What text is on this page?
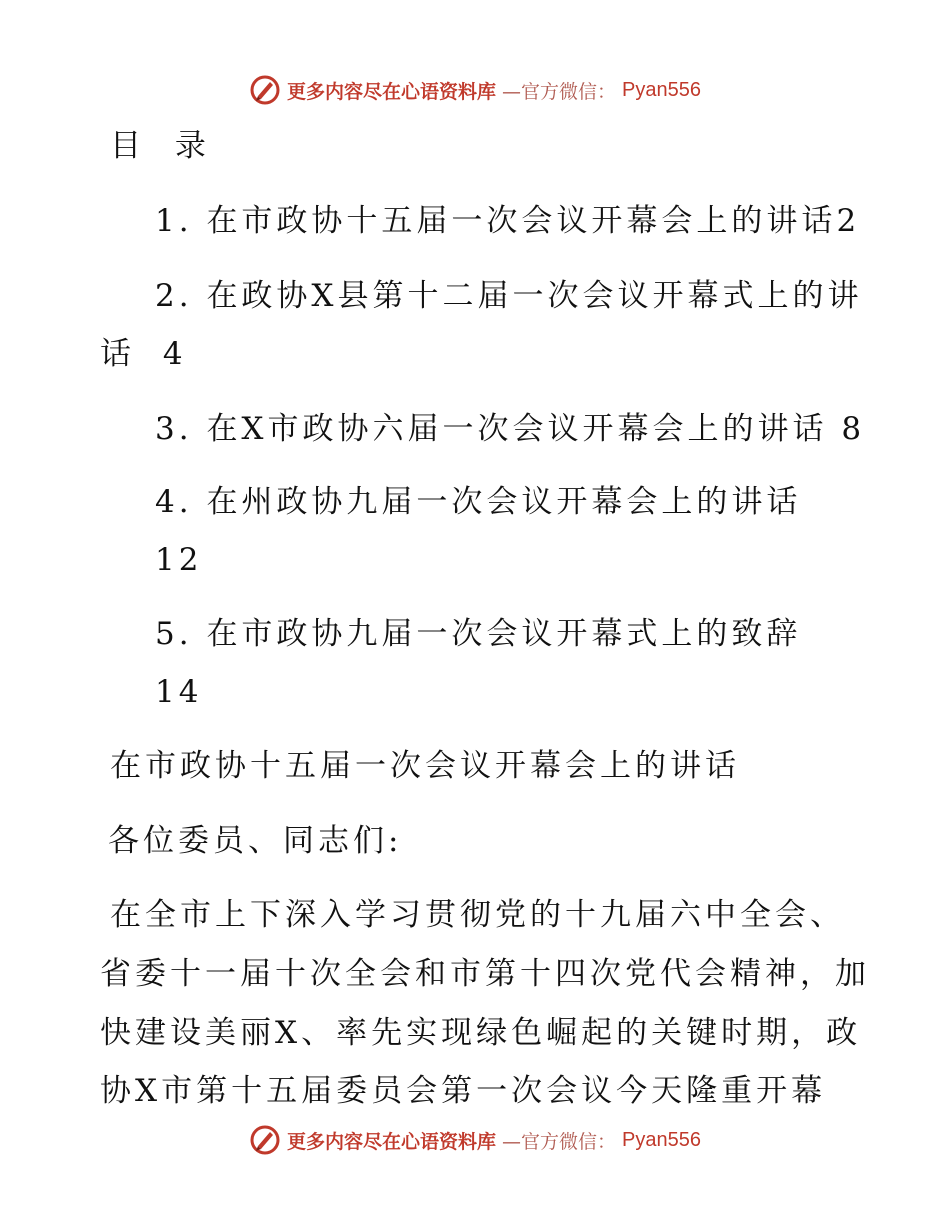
更多内容尽在心语资料库 —官方微信： Pyan556
目 录
1. 在市政协十五届一次会议开幕会上的讲话2
2. 在政协X县第十二届一次会议开幕式上的讲
话 4
3. 在X市政协六届一次会议开幕会上的讲话 8
4. 在州政协九届一次会议开幕会上的讲话
12
5. 在市政协九届一次会议开幕式上的致辞
14
在市政协十五届一次会议开幕会上的讲话
各位委员、同志们:
在全市上下深入学习贯彻党的十九届六中全会、
省委十一届十次全会和市第十四次党代会精神，加
快建设美丽X、率先实现绿色崛起的关键时期，政
协X市第十五届委员会第一次会议今天隆重开幕
更多内容尽在心语资料库 —官方微信： Pyan556
